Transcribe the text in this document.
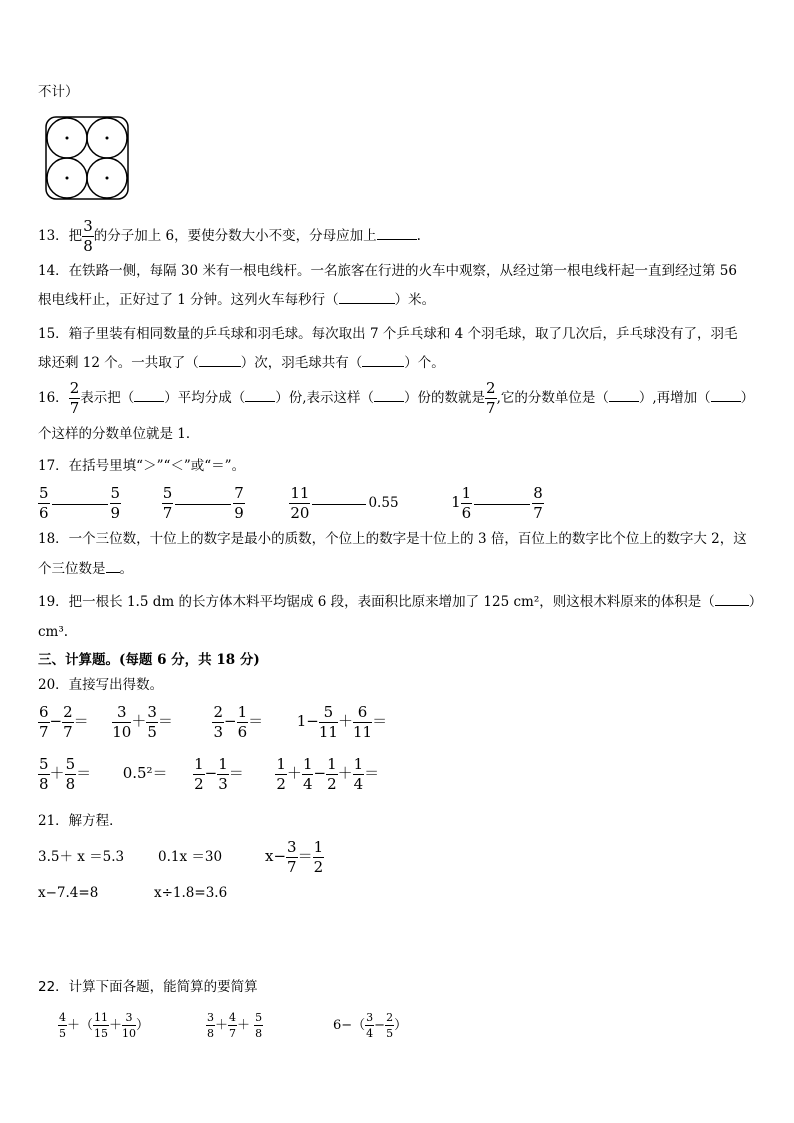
不计）
13．把 $\frac{3}{8}$ 的分子加上 6，要使分数大小不变，分母应加上	.
14．在铁路一侧，每隔 30 米有一根电线杆。一名旅客在行进的火车中观察，从经过第一根电线杆起一直到经过第 56
根电线杆止，正好过了 1 分钟。这列火车每秒行（	）米。
15．箱子里装有相同数量的乒乓球和羽毛球。每次取出 7 个乒乓球和 4 个羽毛球，取了几次后，乒乓球没有了，羽毛
球还剩 12 个。一共取了（	）次，羽毛球共有（	）个。
16． $\frac{2}{7}$ 表示把（ ）平均分成（ ）份,表示这样（ ）份的数就是 $\frac{2}{7}$ ,它的分数单位是（ ）,再增加（ ）
个这样的分数单位就是 1．
17．在括号里填“＞”“＜”或“＝”。
$\frac{5}{6}$	$\frac{5}{9}$
	$\frac{5}{7}$	$\frac{7}{9}$
	$\frac{11}{20}$	0.55	$1 \frac{1}{6}$	$\frac{8}{7}$
18．一个三位数，十位上的数字是最小的质数，个位上的数字是十位上的 3 倍，百位上的数字比个位上的数字大 2，这
个三位数是 。
19．把一根长 1.5 dm 的长方体木料平均锯成 6 段，表面积比原来增加了 125 cm²，则这根木料原来的体积是（	）
cm³.
三、计算题。(每题 6 分，共 18 分)
20．直接写出得数。
$\frac{6}{7} - \frac{2}{7} = \frac{3}{10} + \frac{3}{5}$ ＝	$\frac{2}{3} - \frac{1}{6} = 1- \frac{5}{11} + \frac{6}{11}$ ＝
$\frac{5}{8} + \frac{5}{8} = 0.5^2= \frac{1}{2} - \frac{1}{3} = \frac{1}{2} + \frac{1}{4} - \frac{1}{2} + \frac{1}{4}$ ＝
21．解方程．
3.5＋ x ＝5.3	0.1x ＝30	$x- \frac{3}{7} = \frac{1}{2}$
x−7.4=8	x÷1.8=3.6
22．计算下面各题，能简算的要简算
$\frac{4}{5}$ ＋（ $\frac{11}{15} + \frac{3}{10}$ ）	$\frac{3}{8} + \frac{4}{7} + \frac{5}{8}$	$6-( \frac{3}{4} - \frac{2}{5}$ ）
